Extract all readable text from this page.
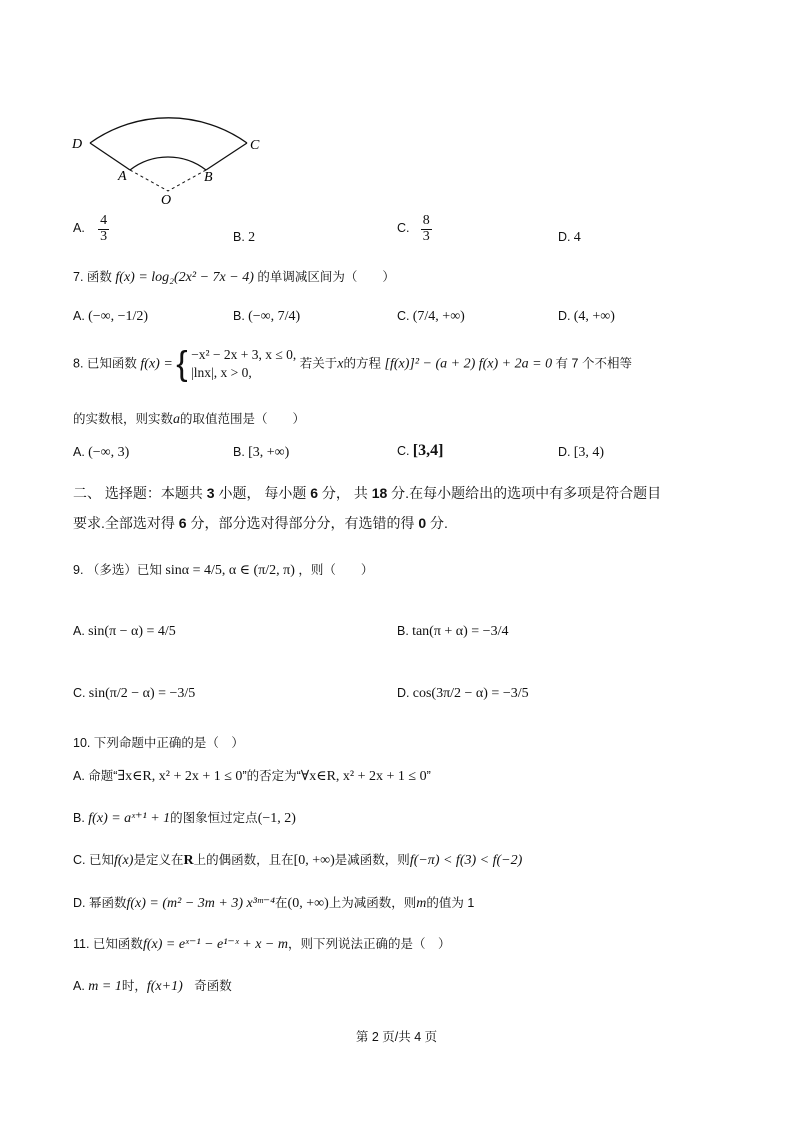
D	C
A	B
O
A. $\frac{4}{3}$	B. 2
C. $\frac{8}{3}$	D. 4
7. 函数 f(x) = log₂(2x² − 7x − 4) 的单调减区间为（　　）
A. (−∞, −1/2)	B. (−∞, 7/4)	C. (7/4, +∞)	D. (4, +∞)
8. 已知函数 f(x) = { −x² − 2x + 3, x ≤ 0,
|lnx|, x > 0,
若关于x的方程 [f(x)]² − (a + 2) f(x) + 2a = 0 有 7 个不相等
的实数根，则实数a的取值范围是（　　）
A. (−∞, 3)	B. [3, +∞)	C. [3,4]	D. [3, 4)
二、 选择题：本题共 3 小题， 每小题 6 分， 共 18 分.在每小题给出的选项中有多项是符合题目
要求.全部选对得 6 分，部分选对得部分分，有选错的得 0 分.
9. （多选）已知 sinα = 4/5, α ∈ (π/2, π) ，则（　　）
A. sin(π − α) = 4/5	B. tan(π + α) = −3/4
C. sin(π/2 − α) = −3/5	D. cos(3π/2 − α) = −3/5
10. 下列命题中正确的是（　）
A. 命题“∃x∈R, x² + 2x + 1 ≤ 0”的否定为“∀x∈R, x² + 2x + 1 ≤ 0”
B. f(x) = aˣ⁺¹ + 1的图象恒过定点(−1, 2)
C. 已知f(x)是定义在R上的偶函数，且在[0, +∞)是减函数，则f(−π) < f(3) < f(−2)
D. 幂函数f(x) = (m² − 3m + 3) x³ᵐ⁻⁴在(0, +∞)上为减函数，则m的值为 1
11. 已知函数f(x) = eˣ⁻¹ − e¹⁻ˣ + x − m，则下列说法正确的是（　）
A. m = 1时，f(x+1) 奇函数
第 2 页/共 4 页
